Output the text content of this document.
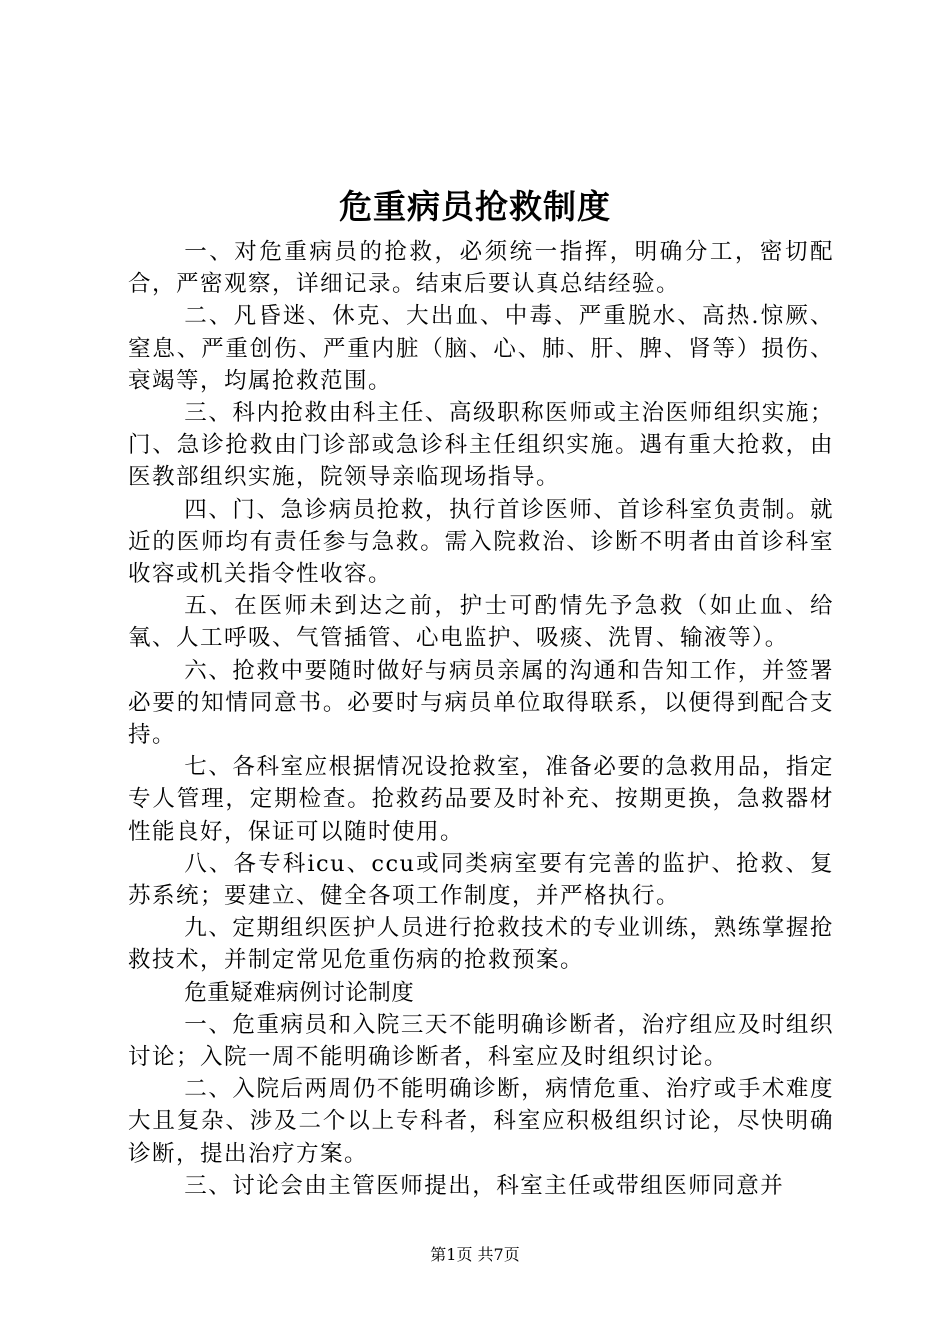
危重病员抢救制度

一、对危重病员的抢救，必须统一指挥，明确分工，密切配合，严密观察，详细记录。结束后要认真总结经验。

二、凡昏迷、休克、大出血、中毒、严重脱水、高热.惊厥、窒息、严重创伤、严重内脏（脑、心、肺、肝、脾、肾等）损伤、衰竭等，均属抢救范围。

三、科内抢救由科主任、高级职称医师或主治医师组织实施；门、急诊抢救由门诊部或急诊科主任组织实施。遇有重大抢救，由医教部组织实施，院领导亲临现场指导。

四、门、急诊病员抢救，执行首诊医师、首诊科室负责制。就近的医师均有责任参与急救。需入院救治、诊断不明者由首诊科室收容或机关指令性收容。

五、在医师未到达之前，护士可酌情先予急救（如止血、给氧、人工呼吸、气管插管、心电监护、吸痰、洗胃、输液等）。

六、抢救中要随时做好与病员亲属的沟通和告知工作，并签署必要的知情同意书。必要时与病员单位取得联系，以便得到配合支持。

七、各科室应根据情况设抢救室，准备必要的急救用品，指定专人管理，定期检查。抢救药品要及时补充、按期更换，急救器材性能良好，保证可以随时使用。

八、各专科icu、ccu或同类病室要有完善的监护、抢救、复苏系统；要建立、健全各项工作制度，并严格执行。

九、定期组织医护人员进行抢救技术的专业训练，熟练掌握抢救技术，并制定常见危重伤病的抢救预案。

危重疑难病例讨论制度

一、危重病员和入院三天不能明确诊断者，治疗组应及时组织讨论；入院一周不能明确诊断者，科室应及时组织讨论。

二、入院后两周仍不能明确诊断，病情危重、治疗或手术难度大且复杂、涉及二个以上专科者，科室应积极组织讨论，尽快明确诊断，提出治疗方案。

三、讨论会由主管医师提出，科室主任或带组医师同意并

第1页 共7页
